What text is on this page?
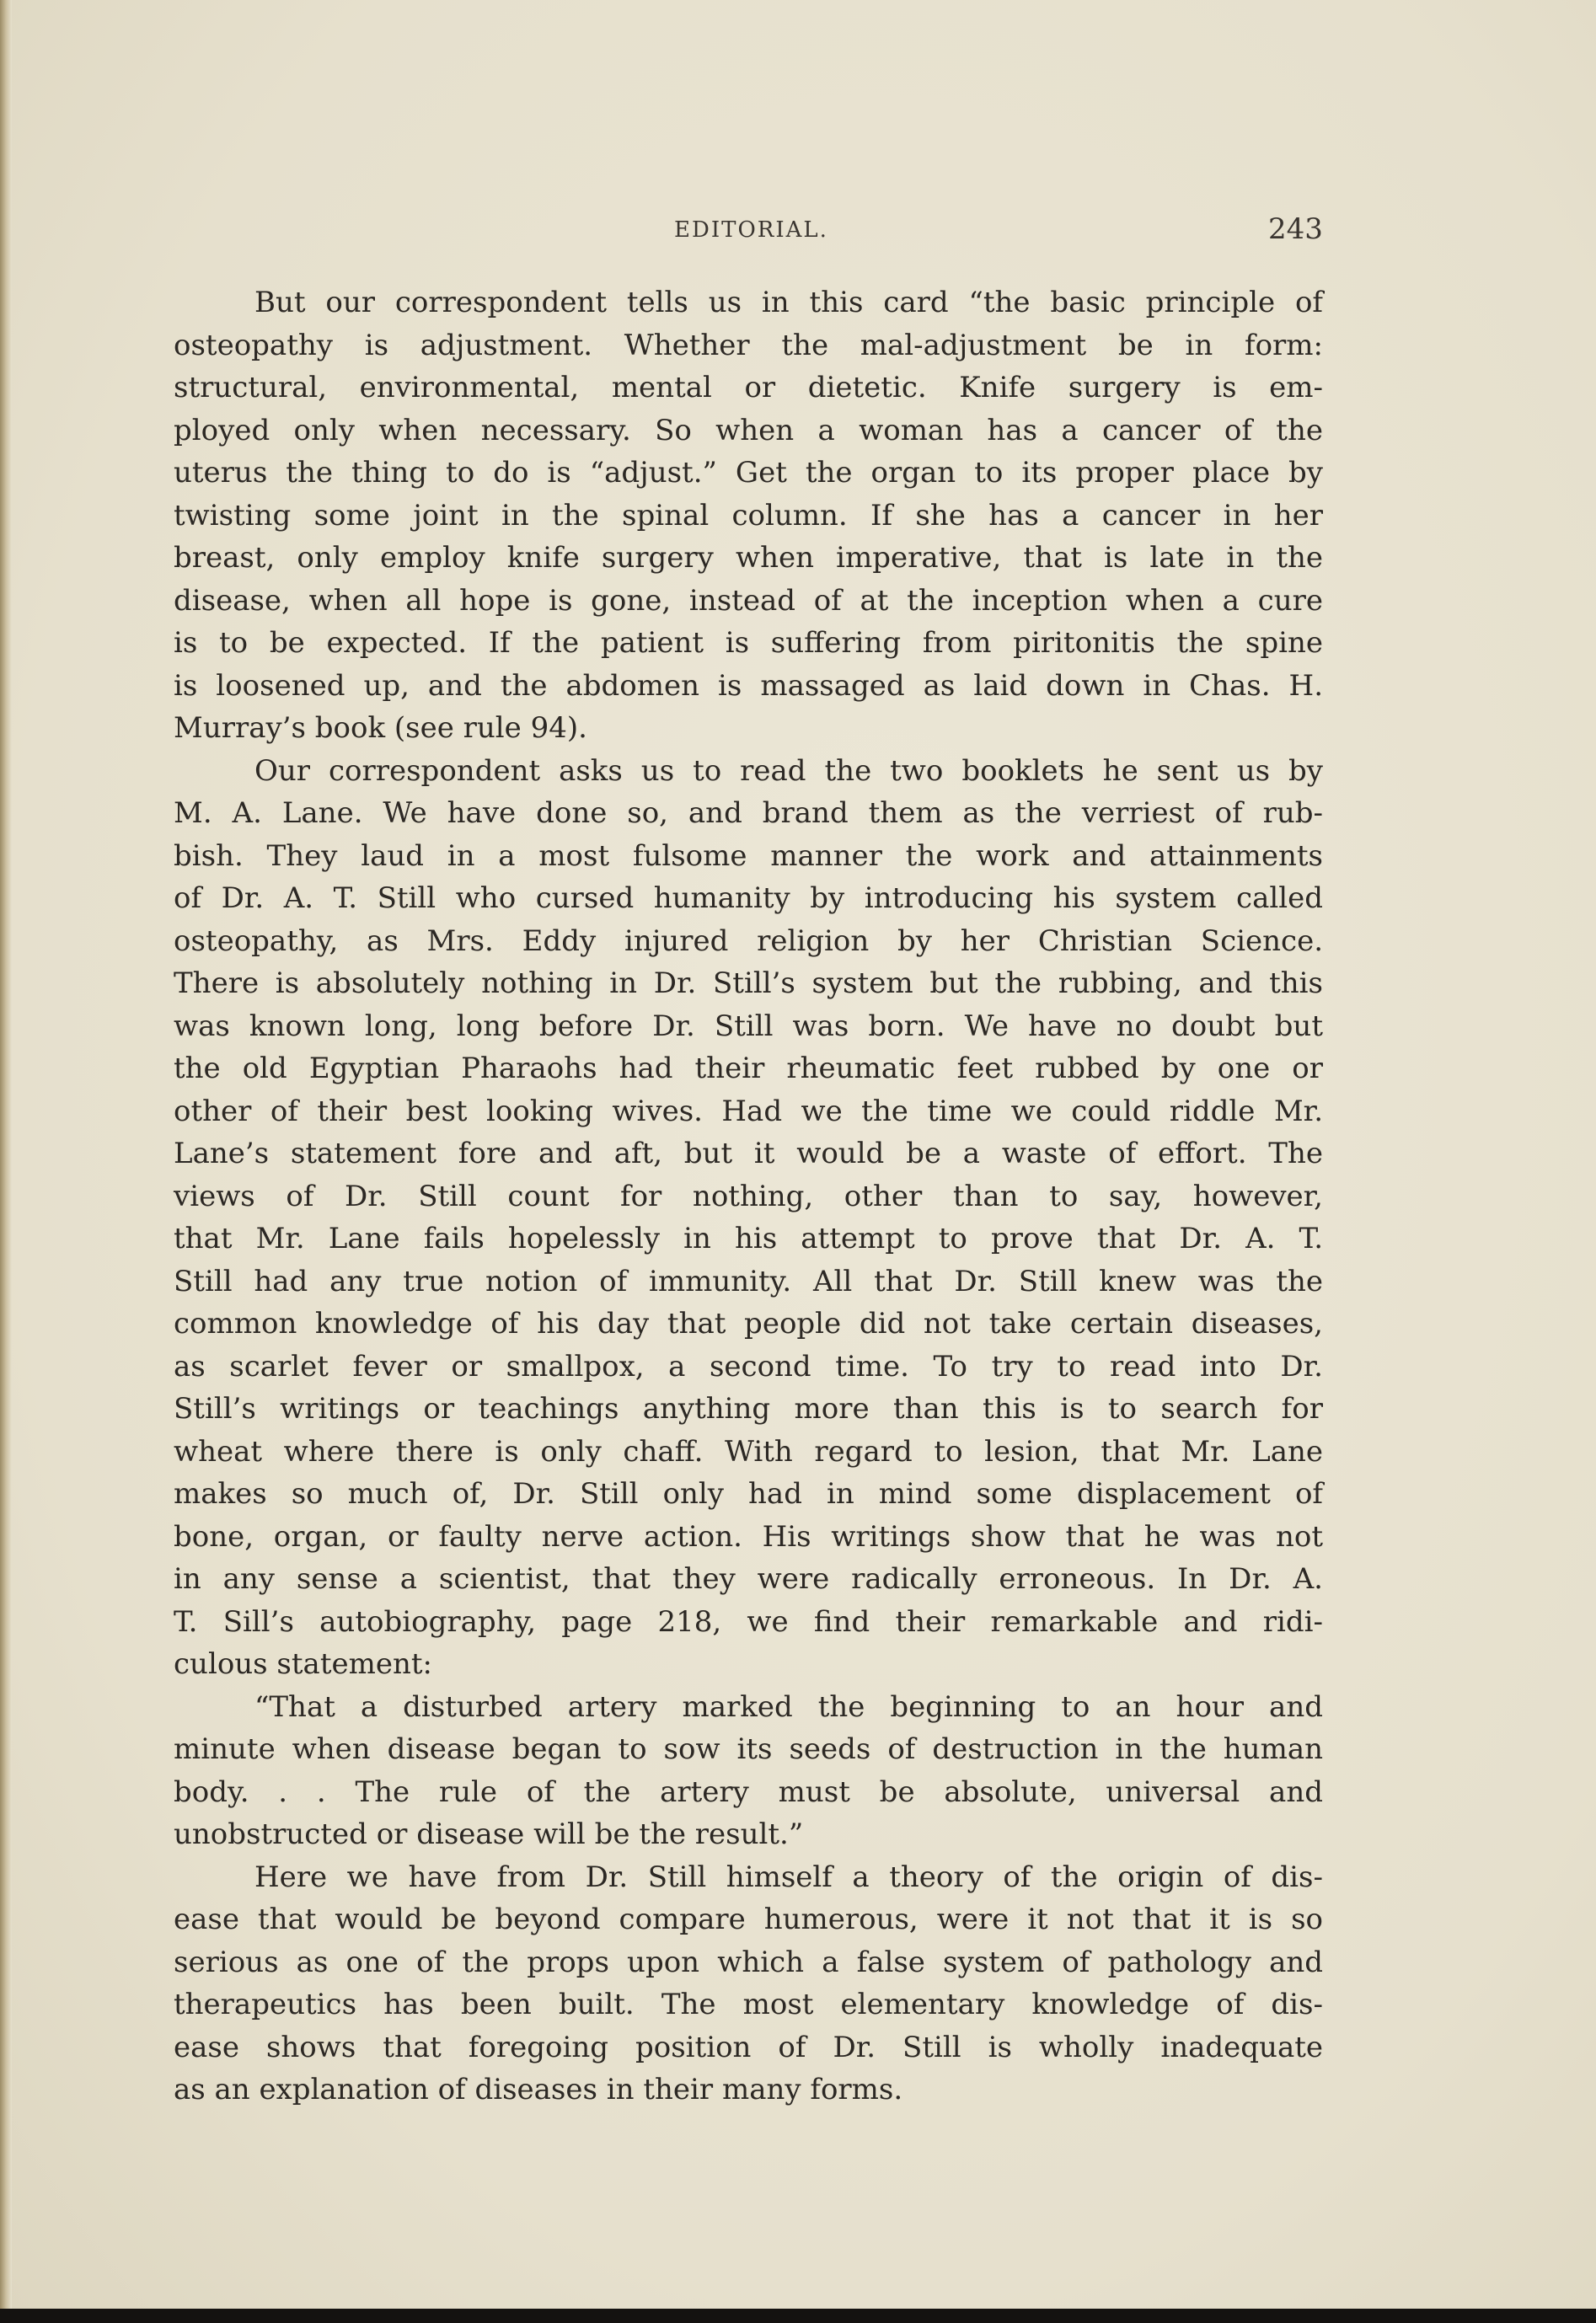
EDITORIAL.	243
But our correspondent tells us in this card “the basic principle of
osteopathy is adjustment. Whether the mal-adjustment be in form:
structural, environmental, mental or dietetic. Knife surgery is em-
ployed only when necessary. So when a woman has a cancer of the
uterus the thing to do is “adjust.” Get the organ to its proper place by
twisting some joint in the spinal column. If she has a cancer in her
breast, only employ knife surgery when imperative, that is late in the
disease, when all hope is gone, instead of at the inception when a cure
is to be expected. If the patient is suffering from piritonitis the spine
is loosened up, and the abdomen is massaged as laid down in Chas. H.
Murray’s book (see rule 94).
Our correspondent asks us to read the two booklets he sent us by
M. A. Lane. We have done so, and brand them as the verriest of rub-
bish. They laud in a most fulsome manner the work and attainments
of Dr. A. T. Still who cursed humanity by introducing his system called
osteopathy, as Mrs. Eddy injured religion by her Christian Science.
There is absolutely nothing in Dr. Still’s system but the rubbing, and this
was known long, long before Dr. Still was born. We have no doubt but
the old Egyptian Pharaohs had their rheumatic feet rubbed by one or
other of their best looking wives. Had we the time we could riddle Mr.
Lane’s statement fore and aft, but it would be a waste of effort. The
views of Dr. Still count for nothing, other than to say, however,
that Mr. Lane fails hopelessly in his attempt to prove that Dr. A. T.
Still had any true notion of immunity. All that Dr. Still knew was the
common knowledge of his day that people did not take certain diseases,
as scarlet fever or smallpox, a second time. To try to read into Dr.
Still’s writings or teachings anything more than this is to search for
wheat where there is only chaff. With regard to lesion, that Mr. Lane
makes so much of, Dr. Still only had in mind some displacement of
bone, organ, or faulty nerve action. His writings show that he was not
in any sense a scientist, that they were radically erroneous. In Dr. A.
T. Sill’s autobiography, page 218, we find their remarkable and ridi-
culous statement:
“That a disturbed artery marked the beginning to an hour and
minute when disease began to sow its seeds of destruction in the human
body. . . The rule of the artery must be absolute, universal and
unobstructed or disease will be the result.”
Here we have from Dr. Still himself a theory of the origin of dis-
ease that would be beyond compare humerous, were it not that it is so
serious as one of the props upon which a false system of pathology and
therapeutics has been built. The most elementary knowledge of dis-
ease shows that foregoing position of Dr. Still is wholly inadequate
as an explanation of diseases in their many forms.
